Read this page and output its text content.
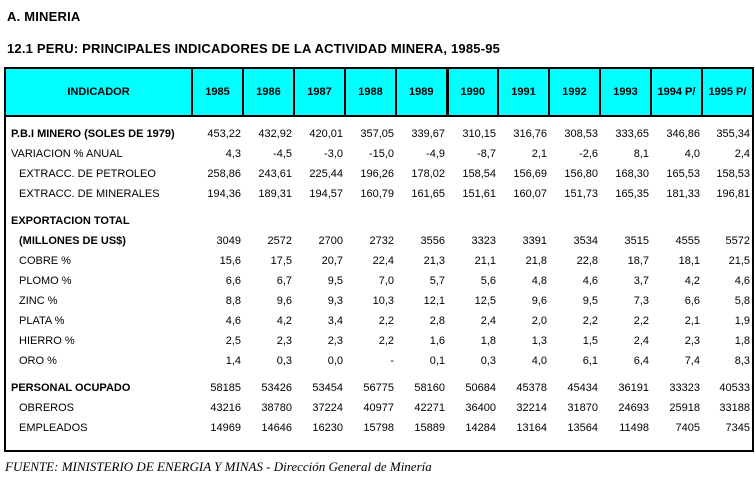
A. MINERIA
12.1 PERU: PRINCIPALES INDICADORES DE LA ACTIVIDAD MINERA, 1985-95
INDICADOR	1985	1986	1987	1988	1989	1990	1991	1992	1993	1994 P/	1995 P/

P.B.I MINERO (SOLES DE 1979)	453,22	432,92	420,01	357,05	339,67	310,15	316,76	308,53	333,65	346,86	355,34
VARIACION % ANUAL	4,3	-4,5	-3,0	-15,0	-4,9	-8,7	2,1	-2,6	8,1	4,0	2,4
EXTRACC. DE PETROLEO	258,86	243,61	225,44	196,26	178,02	158,54	156,69	156,80	168,30	165,53	158,53
EXTRACC. DE MINERALES	194,36	189,31	194,57	160,79	161,65	151,61	160,07	151,73	165,35	181,33	196,81

EXPORTACION TOTAL											
(MILLONES DE US$)	3049	2572	2700	2732	3556	3323	3391	3534	3515	4555	5572
COBRE %	15,6	17,5	20,7	22,4	21,3	21,1	21,8	22,8	18,7	18,1	21,5
PLOMO %	6,6	6,7	9,5	7,0	5,7	5,6	4,8	4,6	3,7	4,2	4,6
ZINC %	8,8	9,6	9,3	10,3	12,1	12,5	9,6	9,5	7,3	6,6	5,8
PLATA %	4,6	4,2	3,4	2,2	2,8	2,4	2,0	2,2	2,2	2,1	1,9
HIERRO %	2,5	2,3	2,3	2,2	1,6	1,8	1,3	1,5	2,4	2,3	1,8
ORO %	1,4	0,3	0,0	-	0,1	0,3	4,0	6,1	6,4	7,4	8,3

PERSONAL OCUPADO	58185	53426	53454	56775	58160	50684	45378	45434	36191	33323	40533
OBREROS	43216	38780	37224	40977	42271	36400	32214	31870	24693	25918	33188
EMPLEADOS	14969	14646	16230	15798	15889	14284	13164	13564	11498	7405	7345

FUENTE: MINISTERIO DE ENERGIA Y MINAS - Dirección General de Minería
